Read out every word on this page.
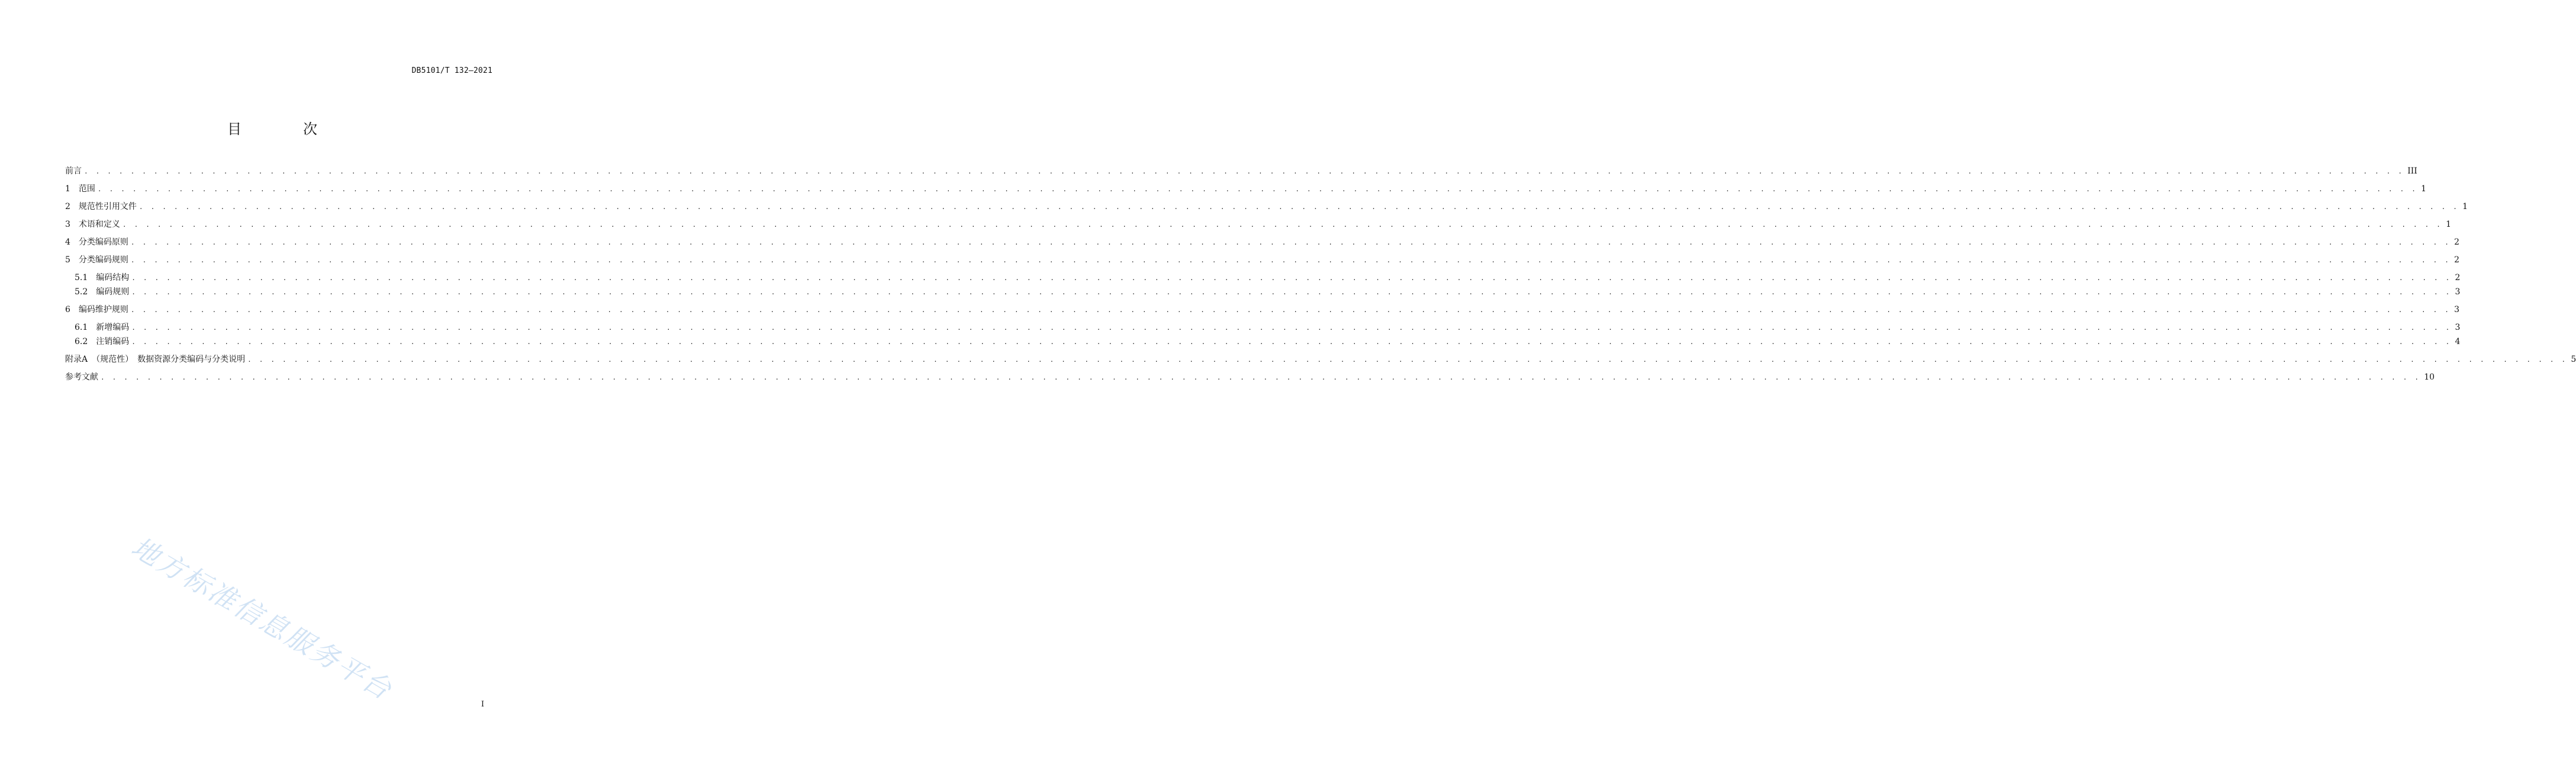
DB5101/T 132—2021
目　次
前言 . . . . . . . . . . . . . . . . . . . . . . . . . . . . . . . . . . . . . . . . . . . . . . . . . . . . . . . . . . . . . . . . . . . . . . . . . . . . . . . . . . . . . . . . . . . . . . . . . . . . . . . . . . . . . . . . . . . . . . . . . . . . . . . . . . . . . . . . . . . . . . . . . . . . . . . . . . . . . . . . . . . . . . . . . . . . . . . . . . . . . . . . . . . . . . . . . . . . . . . . III
1 范围 . . . . . . . . . . . . . . . . . . . . . . . . . . . . . . . . . . . . . . . . . . . . . . . . . . . . . . . . . . . . . . . . . . . . . . . . . . . . . . . . . . . . . . . . . . . . . . . . . . . . . . . . . . . . . . . . . . . . . . . . . . . . . . . . . . . . . . . . . . . . . . . . . . . . . . . . . . . . . . . . . . . . . . . . . . . . . . . . . . . . . . . . . . . . . . . . . . . . . . . . 1
2 规范性引用文件 . . . . . . . . . . . . . . . . . . . . . . . . . . . . . . . . . . . . . . . . . . . . . . . . . . . . . . . . . . . . . . . . . . . . . . . . . . . . . . . . . . . . . . . . . . . . . . . . . . . . . . . . . . . . . . . . . . . . . . . . . . . . . . . . . . . . . . . . . . . . . . . . . . . . . . . . . . . . . . . . . . . . . . . . . . . . . . . . . . . . . . . . . . . . . . . . . . . . . . . . 1
3 术语和定义 . . . . . . . . . . . . . . . . . . . . . . . . . . . . . . . . . . . . . . . . . . . . . . . . . . . . . . . . . . . . . . . . . . . . . . . . . . . . . . . . . . . . . . . . . . . . . . . . . . . . . . . . . . . . . . . . . . . . . . . . . . . . . . . . . . . . . . . . . . . . . . . . . . . . . . . . . . . . . . . . . . . . . . . . . . . . . . . . . . . . . . . . . . . . . . . . . . . . . . . . 1
4 分类编码原则 . . . . . . . . . . . . . . . . . . . . . . . . . . . . . . . . . . . . . . . . . . . . . . . . . . . . . . . . . . . . . . . . . . . . . . . . . . . . . . . . . . . . . . . . . . . . . . . . . . . . . . . . . . . . . . . . . . . . . . . . . . . . . . . . . . . . . . . . . . . . . . . . . . . . . . . . . . . . . . . . . . . . . . . . . . . . . . . . . . . . . . . . . . . . . . . . . . . . . . . . 2
5 分类编码规则 . . . . . . . . . . . . . . . . . . . . . . . . . . . . . . . . . . . . . . . . . . . . . . . . . . . . . . . . . . . . . . . . . . . . . . . . . . . . . . . . . . . . . . . . . . . . . . . . . . . . . . . . . . . . . . . . . . . . . . . . . . . . . . . . . . . . . . . . . . . . . . . . . . . . . . . . . . . . . . . . . . . . . . . . . . . . . . . . . . . . . . . . . . . . . . . . . . . . . . . . 2
5.1 编码结构 . . . . . . . . . . . . . . . . . . . . . . . . . . . . . . . . . . . . . . . . . . . . . . . . . . . . . . . . . . . . . . . . . . . . . . . . . . . . . . . . . . . . . . . . . . . . . . . . . . . . . . . . . . . . . . . . . . . . . . . . . . . . . . . . . . . . . . . . . . . . . . . . . . . . . . . . . . . . . . . . . . . . . . . . . . . . . . . . . . . . . . . . . . . . . . . . . . . . . . . . 2
5.2 编码规则 . . . . . . . . . . . . . . . . . . . . . . . . . . . . . . . . . . . . . . . . . . . . . . . . . . . . . . . . . . . . . . . . . . . . . . . . . . . . . . . . . . . . . . . . . . . . . . . . . . . . . . . . . . . . . . . . . . . . . . . . . . . . . . . . . . . . . . . . . . . . . . . . . . . . . . . . . . . . . . . . . . . . . . . . . . . . . . . . . . . . . . . . . . . . . . . . . . . . . . . . 3
6 编码维护规则 . . . . . . . . . . . . . . . . . . . . . . . . . . . . . . . . . . . . . . . . . . . . . . . . . . . . . . . . . . . . . . . . . . . . . . . . . . . . . . . . . . . . . . . . . . . . . . . . . . . . . . . . . . . . . . . . . . . . . . . . . . . . . . . . . . . . . . . . . . . . . . . . . . . . . . . . . . . . . . . . . . . . . . . . . . . . . . . . . . . . . . . . . . . . . . . . . . . . . . . . 3
6.1 新增编码 . . . . . . . . . . . . . . . . . . . . . . . . . . . . . . . . . . . . . . . . . . . . . . . . . . . . . . . . . . . . . . . . . . . . . . . . . . . . . . . . . . . . . . . . . . . . . . . . . . . . . . . . . . . . . . . . . . . . . . . . . . . . . . . . . . . . . . . . . . . . . . . . . . . . . . . . . . . . . . . . . . . . . . . . . . . . . . . . . . . . . . . . . . . . . . . . . . . . . . . . 3
6.2 注销编码 . . . . . . . . . . . . . . . . . . . . . . . . . . . . . . . . . . . . . . . . . . . . . . . . . . . . . . . . . . . . . . . . . . . . . . . . . . . . . . . . . . . . . . . . . . . . . . . . . . . . . . . . . . . . . . . . . . . . . . . . . . . . . . . . . . . . . . . . . . . . . . . . . . . . . . . . . . . . . . . . . . . . . . . . . . . . . . . . . . . . . . . . . . . . . . . . . . . . . . . . 4
附录A　（规范性）　数据资源分类编码与分类说明 . . . . . . . . . . . . . . . . . . . . . . . . . . . . . . . . . . . . . . . . . . . . . . . . . . . . . . . . . . . . . . . . . . . . . . . . . . . . . . . . . . . . . . . . . . . . . . . . . . . . . . . . . . . . . . . . . . . . . . . . . . . . . . . . . . . . . . . . . . . . . . . . . . . . . . . . . . . . . . . . . . . . . . . . . . . . . . . . . . . . . . . . . . . . . . . . . . . . . . . . 5
参考文献 . . . . . . . . . . . . . . . . . . . . . . . . . . . . . . . . . . . . . . . . . . . . . . . . . . . . . . . . . . . . . . . . . . . . . . . . . . . . . . . . . . . . . . . . . . . . . . . . . . . . . . . . . . . . . . . . . . . . . . . . . . . . . . . . . . . . . . . . . . . . . . . . . . . . . . . . . . . . . . . . . . . . . . . . . . . . . . . . . . . . . . . . . . . . . . . . . . . . . . . . 10
地方标准信息服务平台	I
